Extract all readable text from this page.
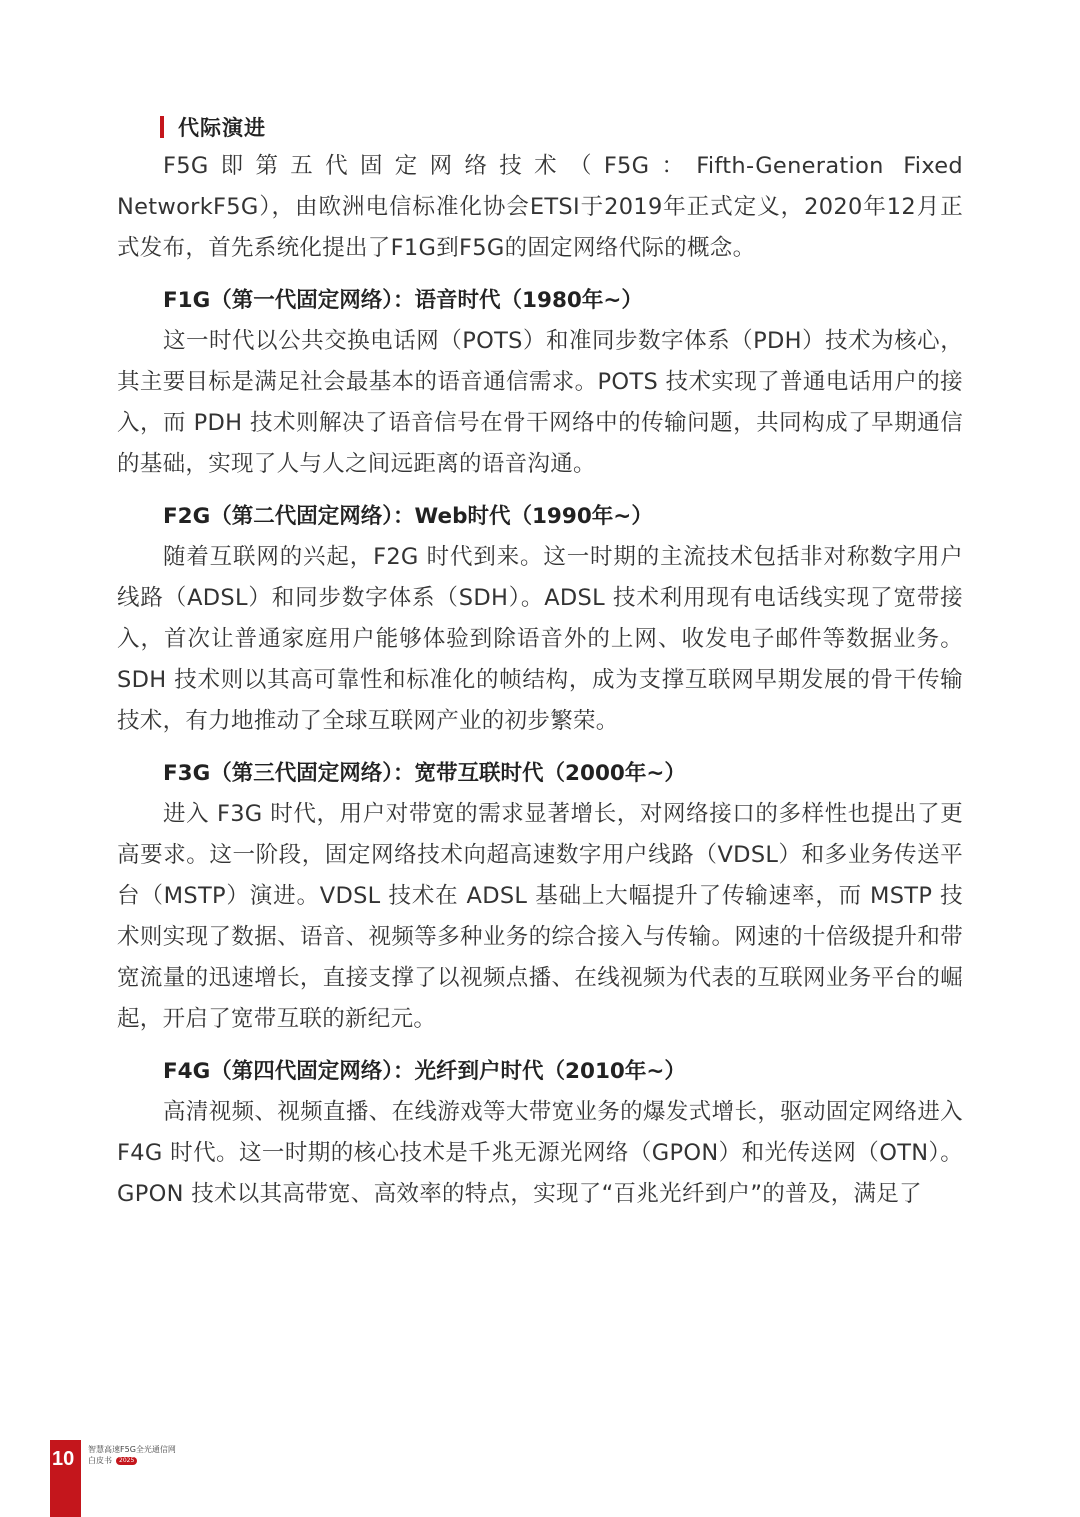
代际演进

F5G即第五代固定网络技术（F5G：Fifth-Generation Fixed NetworkF5G），由欧洲电信标准化协会ETSI于2019年正式定义，2020年12月正式发布，首先系统化提出了F1G到F5G的固定网络代际的概念。

F1G（第一代固定网络）：语音时代（1980年~）

这一时代以公共交换电话网（POTS）和准同步数字体系（PDH）技术为核心，其主要目标是满足社会最基本的语音通信需求。POTS 技术实现了普通电话用户的接入，而 PDH 技术则解决了语音信号在骨干网络中的传输问题，共同构成了早期通信的基础，实现了人与人之间远距离的语音沟通。

F2G（第二代固定网络）：Web时代（1990年~）

随着互联网的兴起，F2G 时代到来。这一时期的主流技术包括非对称数字用户线路（ADSL）和同步数字体系（SDH）。ADSL 技术利用现有电话线实现了宽带接入，首次让普通家庭用户能够体验到除语音外的上网、收发电子邮件等数据业务。SDH 技术则以其高可靠性和标准化的帧结构，成为支撑互联网早期发展的骨干传输技术，有力地推动了全球互联网产业的初步繁荣。

F3G（第三代固定网络）：宽带互联时代（2000年~）

进入 F3G 时代，用户对带宽的需求显著增长，对网络接口的多样性也提出了更高要求。这一阶段，固定网络技术向超高速数字用户线路（VDSL）和多业务传送平台（MSTP）演进。VDSL 技术在 ADSL 基础上大幅提升了传输速率，而 MSTP 技术则实现了数据、语音、视频等多种业务的综合接入与传输。网速的十倍级提升和带宽流量的迅速增长，直接支撑了以视频点播、在线视频为代表的互联网业务平台的崛起，开启了宽带互联的新纪元。

F4G（第四代固定网络）：光纤到户时代（2010年~）

高清视频、视频直播、在线游戏等大带宽业务的爆发式增长，驱动固定网络进入 F4G 时代。这一时期的核心技术是千兆无源光网络（GPON）和光传送网（OTN）。GPON 技术以其高带宽、高效率的特点，实现了“百兆光纤到户”的普及，满足了

10 智慧高速F5G全光通信网
白皮书	2025
